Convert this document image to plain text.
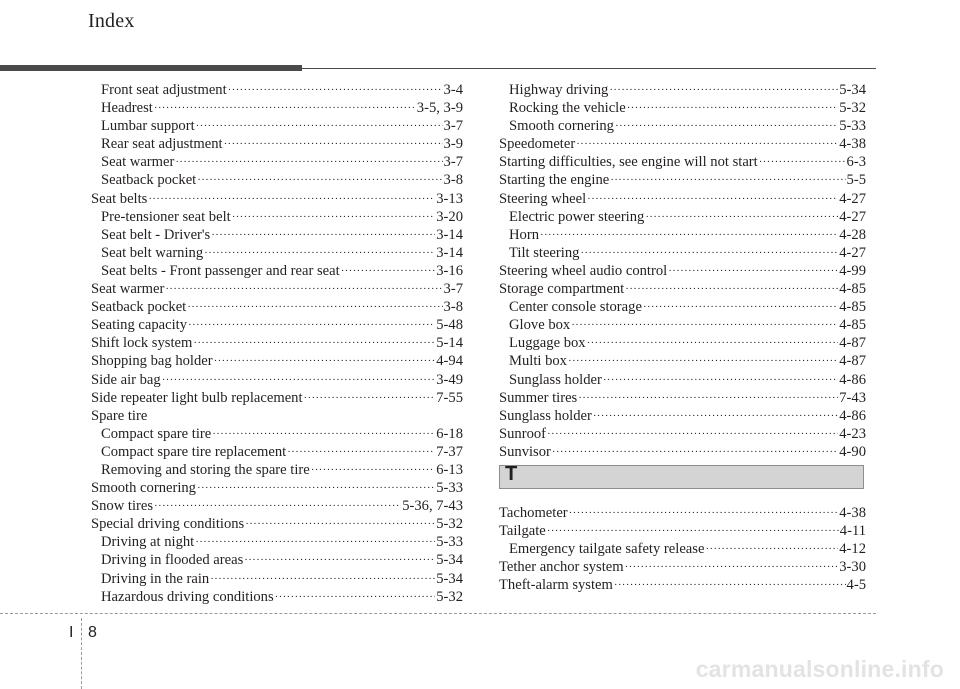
Index
Front seat adjustment ·····	3-4
Headrest ·····	3-5, 3-9
Lumbar support ·····	3-7
Rear seat adjustment ·····	3-9
Seat warmer ·····	3-7
Seatback pocket ·····	3-8
Seat belts ·····	3-13
Pre-tensioner seat belt ·····	3-20
Seat belt - Driver's ·····	3-14
Seat belt warning ·····	3-14
Seat belts - Front passenger and rear seat ·····	3-16
Seat warmer ·····	3-7
Seatback pocket ·····	3-8
Seating capacity ·····	5-48
Shift lock system ·····	5-14
Shopping bag holder ·····	4-94
Side air bag ·····	3-49
Side repeater light bulb replacement ·····	7-55
Spare tire
Compact spare tire ·····	6-18
Compact spare tire replacement ·····	7-37
Removing and storing the spare tire ·····	6-13
Smooth cornering ·····	5-33
Snow tires ·····	5-36, 7-43
Special driving conditions ·····	5-32
Driving at night ·····	5-33
Driving in flooded areas ·····	5-34
Driving in the rain ·····	5-34
Hazardous driving conditions ·····	5-32
Highway driving ·····	5-34
Rocking the vehicle ·····	5-32
Smooth cornering ·····	5-33
Speedometer ·····	4-38
Starting difficulties, see engine will not start ·····	6-3
Starting the engine ·····	5-5
Steering wheel ·····	4-27
Electric power steering ·····	4-27
Horn ·····	4-28
Tilt steering ·····	4-27
Steering wheel audio control ·····	4-99
Storage compartment ·····	4-85
Center console storage ·····	4-85
Glove box ·····	4-85
Luggage box ·····	4-87
Multi box ·····	4-87
Sunglass holder ·····	4-86
Summer tires ·····	7-43
Sunglass holder ·····	4-86
Sunroof ·····	4-23
Sunvisor ·····	4-90
T
Tachometer ·····	4-38
Tailgate ·····	4-11
Emergency tailgate safety release ·····	4-12
Tether anchor system ·····	3-30
Theft-alarm system ·····	4-5
I 8
carmanualsonline.info
